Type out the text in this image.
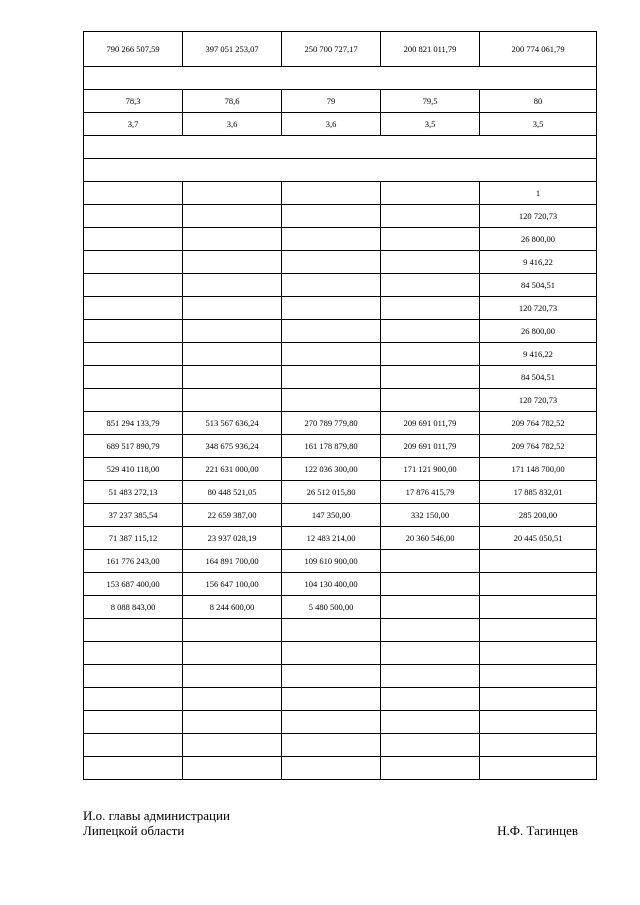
790 266 507,59	397 051 253,07	250 700 727,17	200 821 011,79	200 774 061,79

78,3	78,6	79	79,5	80
3,7	3,6	3,6	3,5	3,5

				1
				120 720,73
				26 800,00
				9 416,22
				84 504,51
				120 720,73
				26 800,00
				9 416,22
				84 504,51
				120 720,73
851 294 133,79	513 567 636,24	270 789 779,80	209 691 011,79	209 764 782,52
689 517 890,79	348 675 936,24	161 178 879,80	209 691 011,79	209 764 782,52
529 410 118,00	221 631 000,00	122 036 300,00	171 121 900,00	171 148 700,00
51 483 272,13	80 448 521,05	26 512 015,80	17 876 415,79	17 885 832,01
37 237 385,54	22 659 387,00	147 350,00	332 150,00	285 200,00
71 387 115,12	23 937 028,19	12 483 214,00	20 360 546,00	20 445 050,51
161 776 243,00	164 891 700,00	109 610 900,00		
153 687 400,00	156 647 100,00	104 130 400,00		
8 088 843,00	8 244 600,00	5 480 500,00		

И.о. главы администрации
Липецкой области	Н.Ф. Тагинцев
